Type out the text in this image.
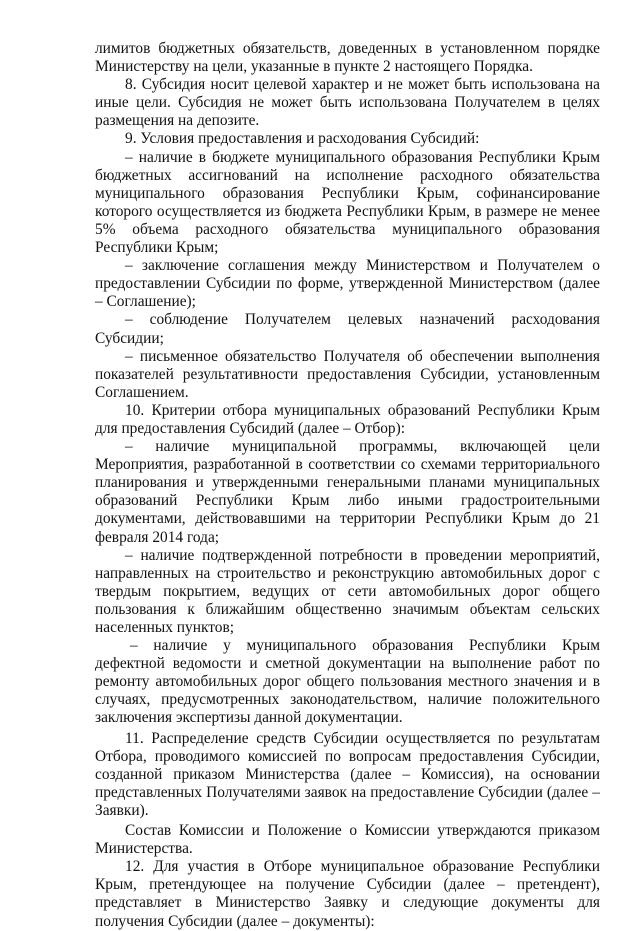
лимитов бюджетных обязательств, доведенных в установленном порядке Министерству на цели, указанные в пункте 2 настоящего Порядка.

8. Субсидия носит целевой характер и не может быть использована на иные цели. Субсидия не может быть использована Получателем в целях размещения на депозите.

9. Условия предоставления и расходования Субсидий:

– наличие в бюджете муниципального образования Республики Крым бюджетных ассигнований на исполнение расходного обязательства муниципального образования Республики Крым, софинансирование которого осуществляется из бюджета Республики Крым, в размере не менее 5% объема расходного обязательства муниципального образования Республики Крым;

– заключение соглашения между Министерством и Получателем о предоставлении Субсидии по форме, утвержденной Министерством (далее – Соглашение);

– соблюдение Получателем целевых назначений расходования Субсидии;

– письменное обязательство Получателя об обеспечении выполнения показателей результативности предоставления Субсидии, установленным Соглашением.

10. Критерии отбора муниципальных образований Республики Крым для предоставления Субсидий (далее – Отбор):

– наличие муниципальной программы, включающей цели Мероприятия, разработанной в соответствии со схемами территориального планирования и утвержденными генеральными планами муниципальных образований Республики Крым либо иными градостроительными документами, действовавшими на территории Республики Крым до 21 февраля 2014 года;

– наличие подтвержденной потребности в проведении мероприятий, направленных на строительство и реконструкцию автомобильных дорог с твердым покрытием, ведущих от сети автомобильных дорог общего пользования к ближайшим общественно значимым объектам сельских населенных пунктов;

– наличие у муниципального образования Республики Крым дефектной ведомости и сметной документации на выполнение работ по ремонту автомобильных дорог общего пользования местного значения и в случаях, предусмотренных законодательством, наличие положительного заключения экспертизы данной документации.

11. Распределение средств Субсидии осуществляется по результатам Отбора, проводимого комиссией по вопросам предоставления Субсидии, созданной приказом Министерства (далее – Комиссия), на основании представленных Получателями заявок на предоставление Субсидии (далее – Заявки).

Состав Комиссии и Положение о Комиссии утверждаются приказом Министерства.

12. Для участия в Отборе муниципальное образование Республики Крым, претендующее на получение Субсидии (далее – претендент), представляет в Министерство Заявку и следующие документы для получения Субсидии (далее – документы):
